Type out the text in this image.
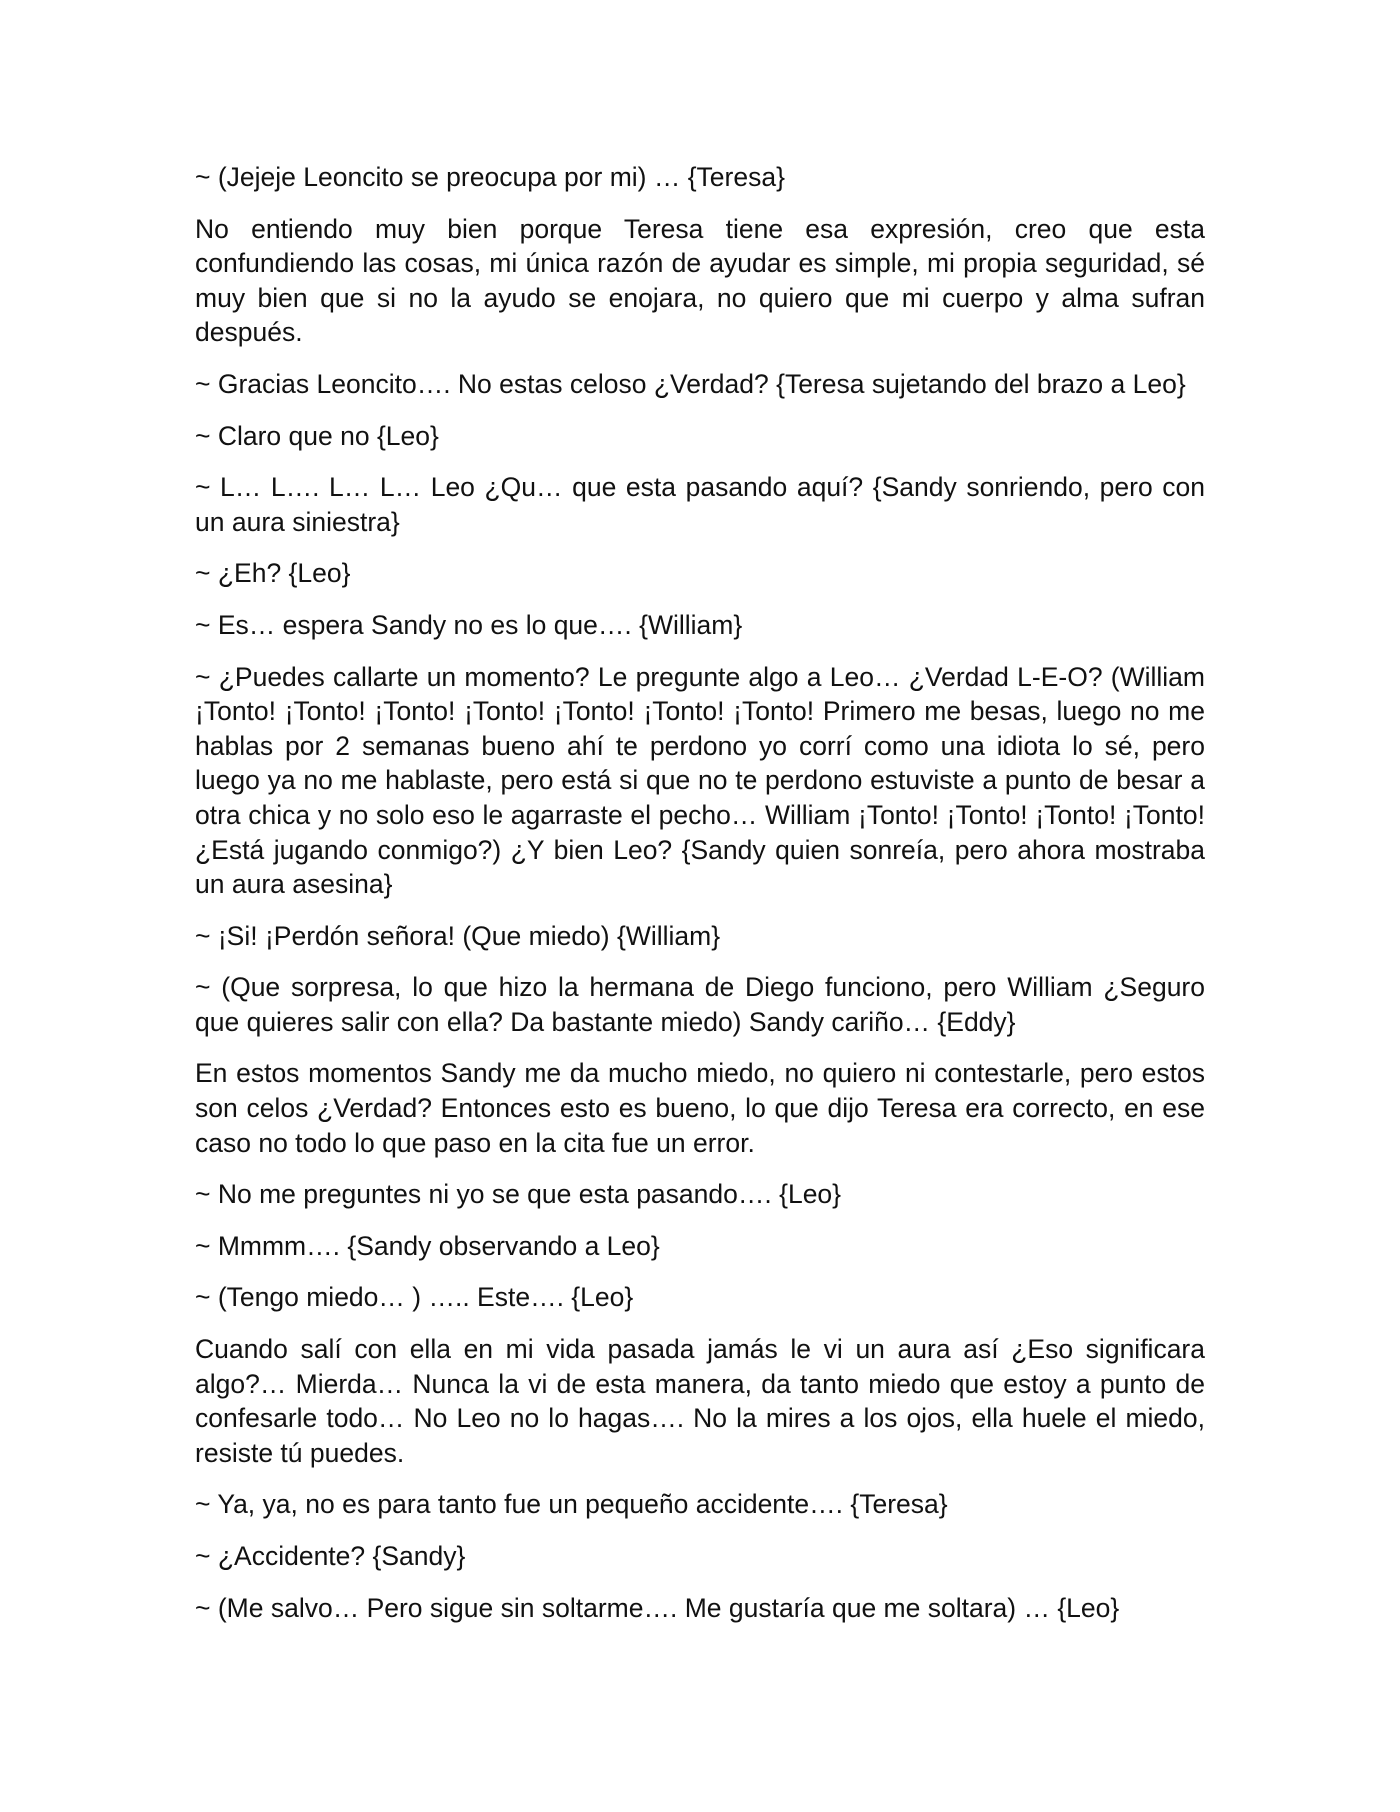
~ (Jejeje Leoncito se preocupa por mi) … {Teresa}

No entiendo muy bien porque Teresa tiene esa expresión, creo que esta confundiendo las cosas, mi única razón de ayudar es simple, mi propia seguridad, sé muy bien que si no la ayudo se enojara, no quiero que mi cuerpo y alma sufran después.

~ Gracias Leoncito…. No estas celoso ¿Verdad? {Teresa sujetando del brazo a Leo}

~ Claro que no {Leo}

~ L… L…. L… L… Leo ¿Qu… que esta pasando aquí? {Sandy sonriendo, pero con un aura siniestra}

~ ¿Eh? {Leo}

~ Es… espera Sandy no es lo que…. {William}

~ ¿Puedes callarte un momento? Le pregunte algo a Leo… ¿Verdad L-E-O? (William ¡Tonto! ¡Tonto! ¡Tonto! ¡Tonto! ¡Tonto! ¡Tonto! ¡Tonto! Primero me besas, luego no me hablas por 2 semanas bueno ahí te perdono yo corrí como una idiota lo sé, pero luego ya no me hablaste, pero está si que no te perdono estuviste a punto de besar a otra chica y no solo eso le agarraste el pecho… William ¡Tonto! ¡Tonto! ¡Tonto! ¡Tonto! ¿Está jugando conmigo?) ¿Y bien Leo? {Sandy quien sonreía, pero ahora mostraba un aura asesina}

~ ¡Si! ¡Perdón señora! (Que miedo) {William}

~ (Que sorpresa, lo que hizo la hermana de Diego funciono, pero William ¿Seguro que quieres salir con ella? Da bastante miedo) Sandy cariño… {Eddy}

En estos momentos Sandy me da mucho miedo, no quiero ni contestarle, pero estos son celos ¿Verdad? Entonces esto es bueno, lo que dijo Teresa era correcto, en ese caso no todo lo que paso en la cita fue un error.

~ No me preguntes ni yo se que esta pasando…. {Leo}

~ Mmmm…. {Sandy observando a Leo}

~ (Tengo miedo… ) ….. Este…. {Leo}

Cuando salí con ella en mi vida pasada jamás le vi un aura así ¿Eso significara algo?… Mierda… Nunca la vi de esta manera, da tanto miedo que estoy a punto de confesarle todo… No Leo no lo hagas…. No la mires a los ojos, ella huele el miedo, resiste tú puedes.

~ Ya, ya, no es para tanto fue un pequeño accidente…. {Teresa}

~ ¿Accidente? {Sandy}

~ (Me salvo… Pero sigue sin soltarme…. Me gustaría que me soltara) … {Leo}
